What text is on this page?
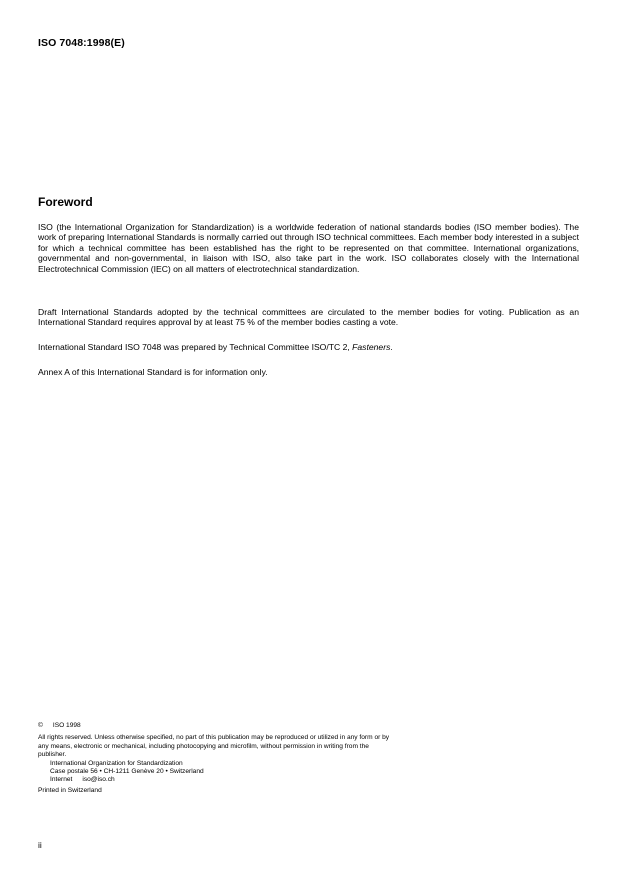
ISO 7048:1998(E)
Foreword

ISO (the International Organization for Standardization) is a worldwide federation of national standards bodies (ISO member bodies). The work of preparing International Standards is normally carried out through ISO technical committees. Each member body interested in a subject for which a technical committee has been established has the right to be represented on that committee. International organizations, governmental and non-governmental, in liaison with ISO, also take part in the work. ISO collaborates closely with the International Electrotechnical Commission (IEC) on all matters of electrotechnical standardization.

Draft International Standards adopted by the technical committees are circulated to the member bodies for voting. Publication as an International Standard requires approval by at least 75 % of the member bodies casting a vote.

International Standard ISO 7048 was prepared by Technical Committee ISO/TC 2, Fasteners.

Annex A of this International Standard is for information only.

© ISO 1998
All rights reserved. Unless otherwise specified, no part of this publication may be reproduced or utilized in any form or by any means, electronic or mechanical, including photocopying and microfilm, without permission in writing from the publisher.
International Organization for Standardization
Case postale 56 • CH-1211 Genève 20 • Switzerland
Internet iso@iso.ch
Printed in Switzerland
ii
